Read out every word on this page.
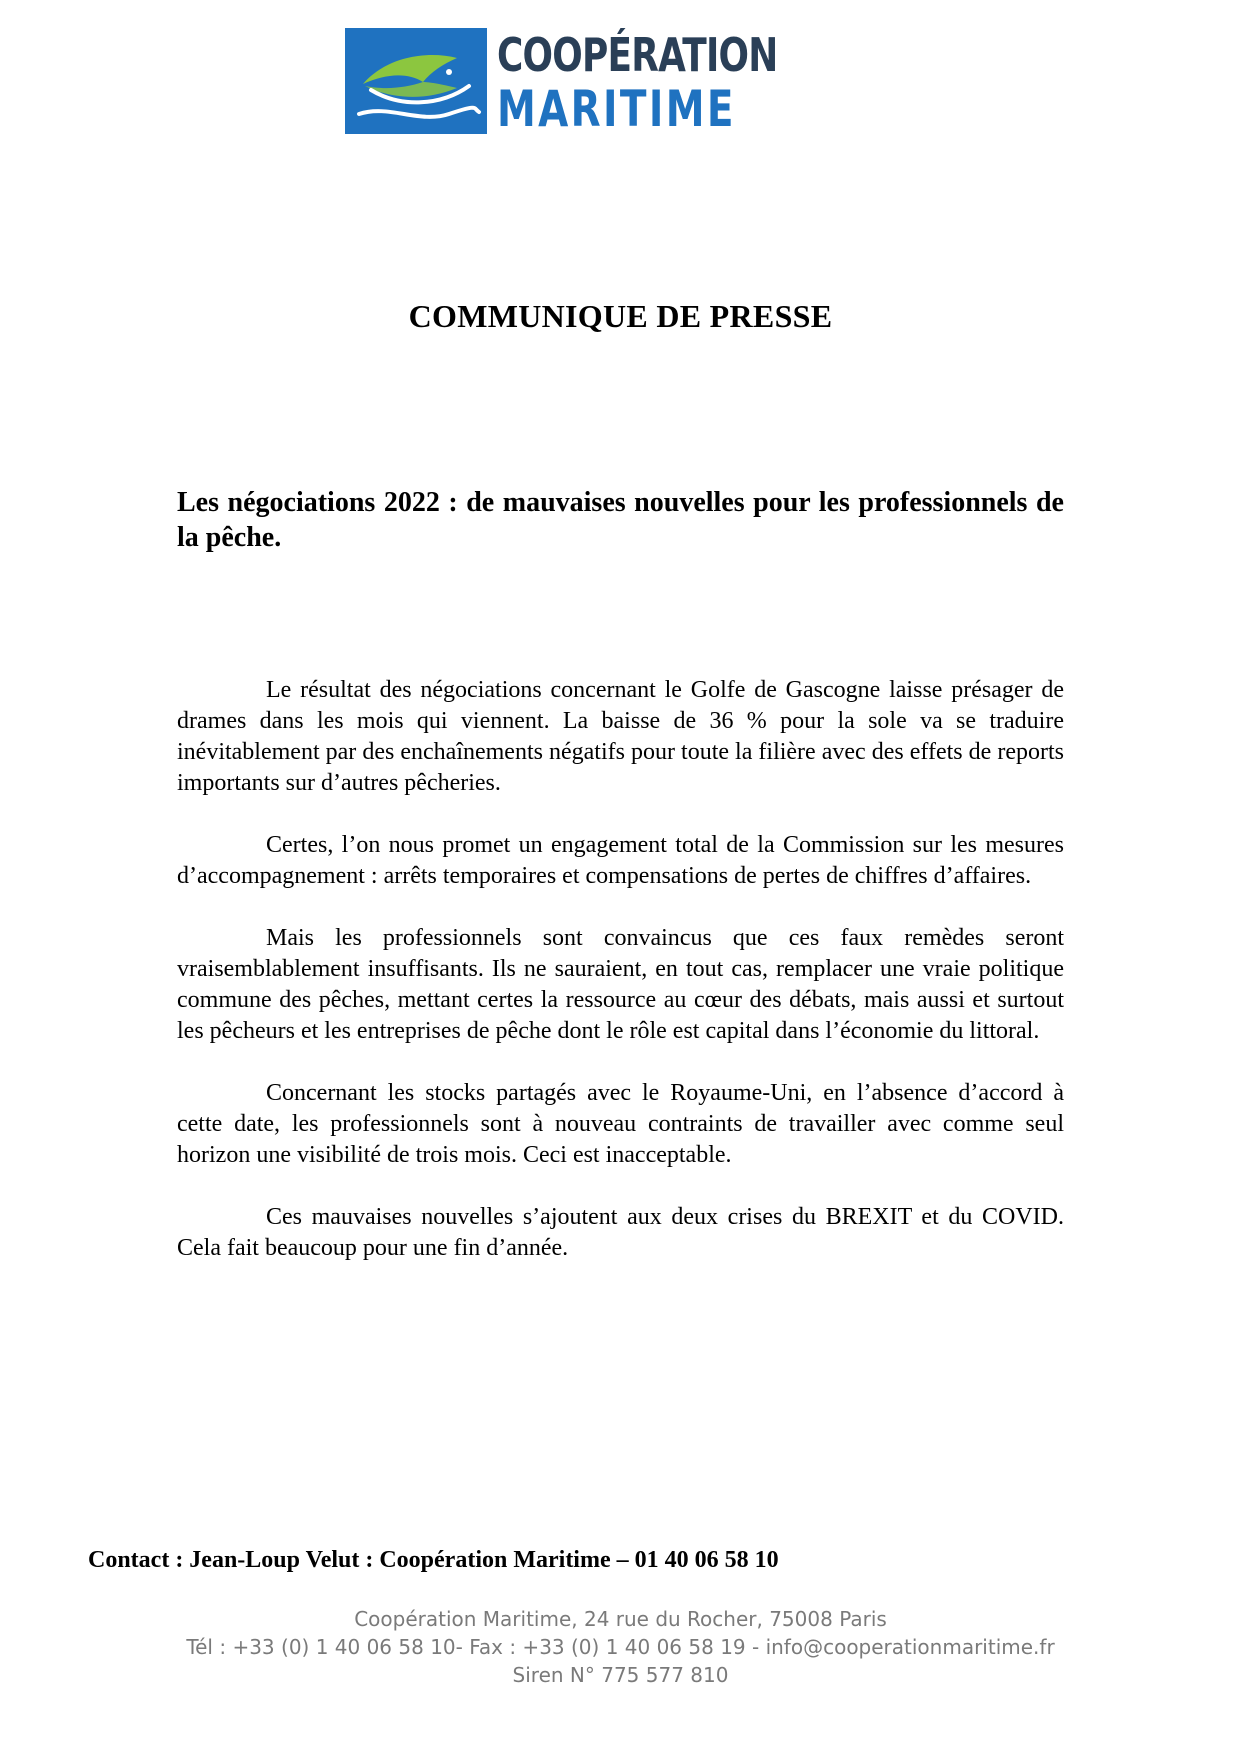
COOPÉRATION
MARITIME
COMMUNIQUE DE PRESSE
Les négociations 2022 : de mauvaises nouvelles pour les professionnels de la pêche.

Le résultat des négociations concernant le Golfe de Gascogne laisse présager de drames dans les mois qui viennent. La baisse de 36 % pour la sole va se traduire inévitablement par des enchaînements négatifs pour toute la filière avec des effets de reports importants sur d’autres pêcheries.

Certes, l’on nous promet un engagement total de la Commission sur les mesures d’accompagnement : arrêts temporaires et compensations de pertes de chiffres d’affaires.

Mais les professionnels sont convaincus que ces faux remèdes seront vraisemblablement insuffisants. Ils ne sauraient, en tout cas, remplacer une vraie politique commune des pêches, mettant certes la ressource au cœur des débats, mais aussi et surtout les pêcheurs et les entreprises de pêche dont le rôle est capital dans l’économie du littoral.

Concernant les stocks partagés avec le Royaume-Uni, en l’absence d’accord à cette date, les professionnels sont à nouveau contraints de travailler avec comme seul horizon une visibilité de trois mois. Ceci est inacceptable.

Ces mauvaises nouvelles s’ajoutent aux deux crises du BREXIT et du COVID. Cela fait beaucoup pour une fin d’année.

Contact : Jean-Loup Velut : Coopération Maritime – 01 40 06 58 10
Coopération Maritime, 24 rue du Rocher, 75008 Paris
Tél : +33 (0) 1 40 06 58 10- Fax : +33 (0) 1 40 06 58 19 - info@cooperationmaritime.fr
Siren N° 775 577 810
